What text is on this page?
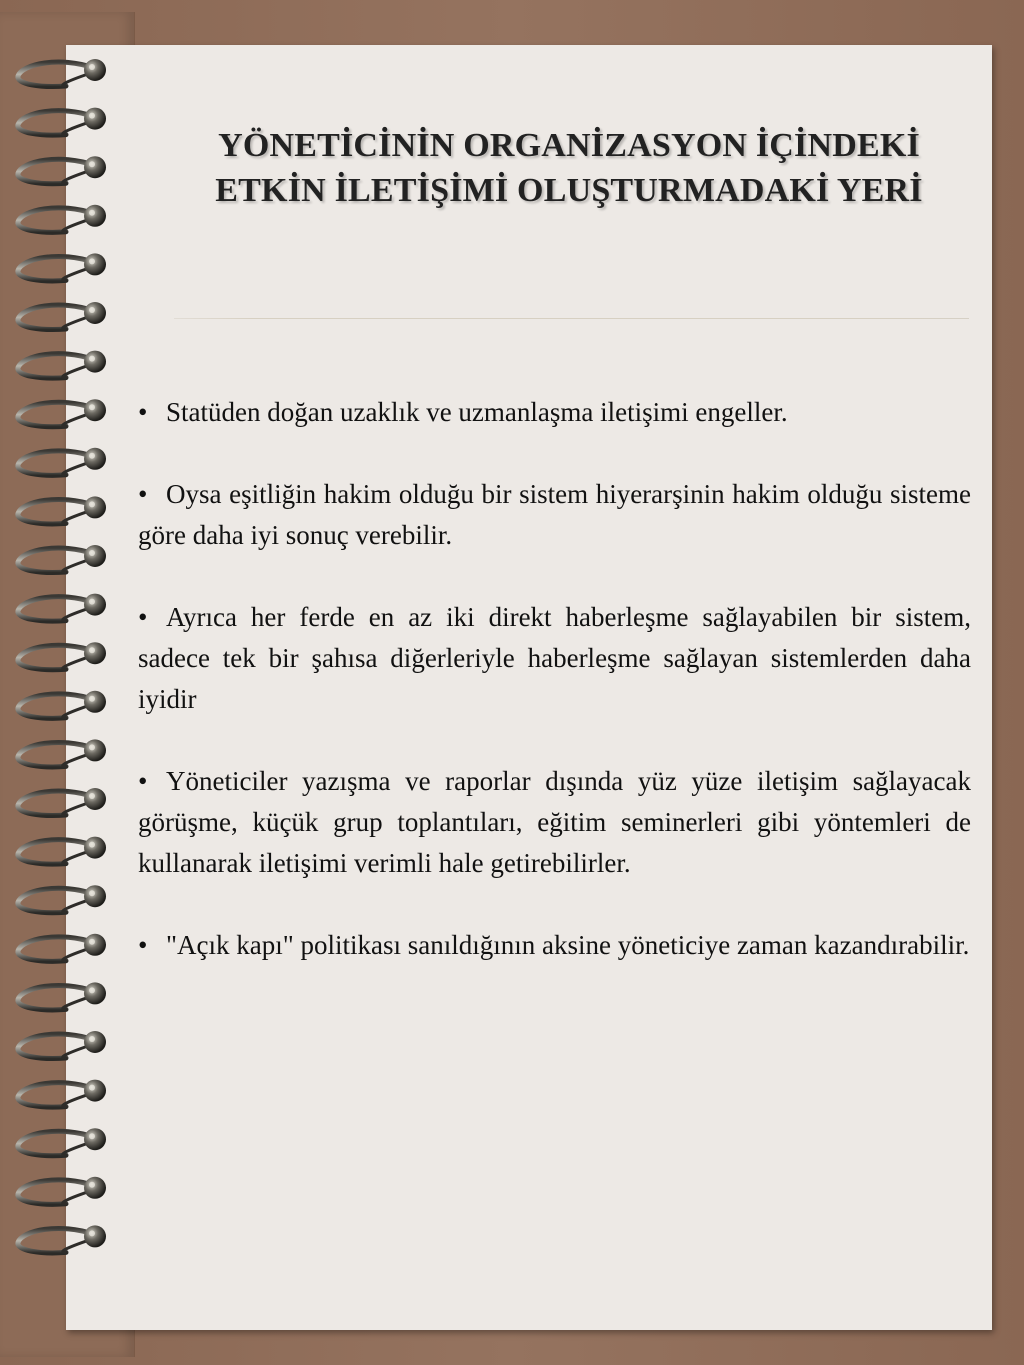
YÖNETİCİNİN ORGANİZASYON İÇİNDEKİ
ETKİN İLETİŞİMİ OLUŞTURMADAKİ YERİ

• Statüden doğan uzaklık ve uzmanlaşma iletişimi engeller.

• Oysa eşitliğin hakim olduğu bir sistem hiyerarşinin hakim olduğu sisteme göre daha iyi sonuç verebilir.

• Ayrıca her ferde en az iki direkt haberleşme sağlayabilen bir sistem, sadece tek bir şahısa diğerleriyle haberleşme sağlayan sistemlerden daha iyidir

• Yöneticiler yazışma ve raporlar dışında yüz yüze iletişim sağlayacak görüşme, küçük grup toplantıları, eğitim seminerleri gibi yöntemleri de kullanarak iletişimi verimli hale getirebilirler.

• "Açık kapı" politikası sanıldığının aksine yöneticiye zaman kazandırabilir.
